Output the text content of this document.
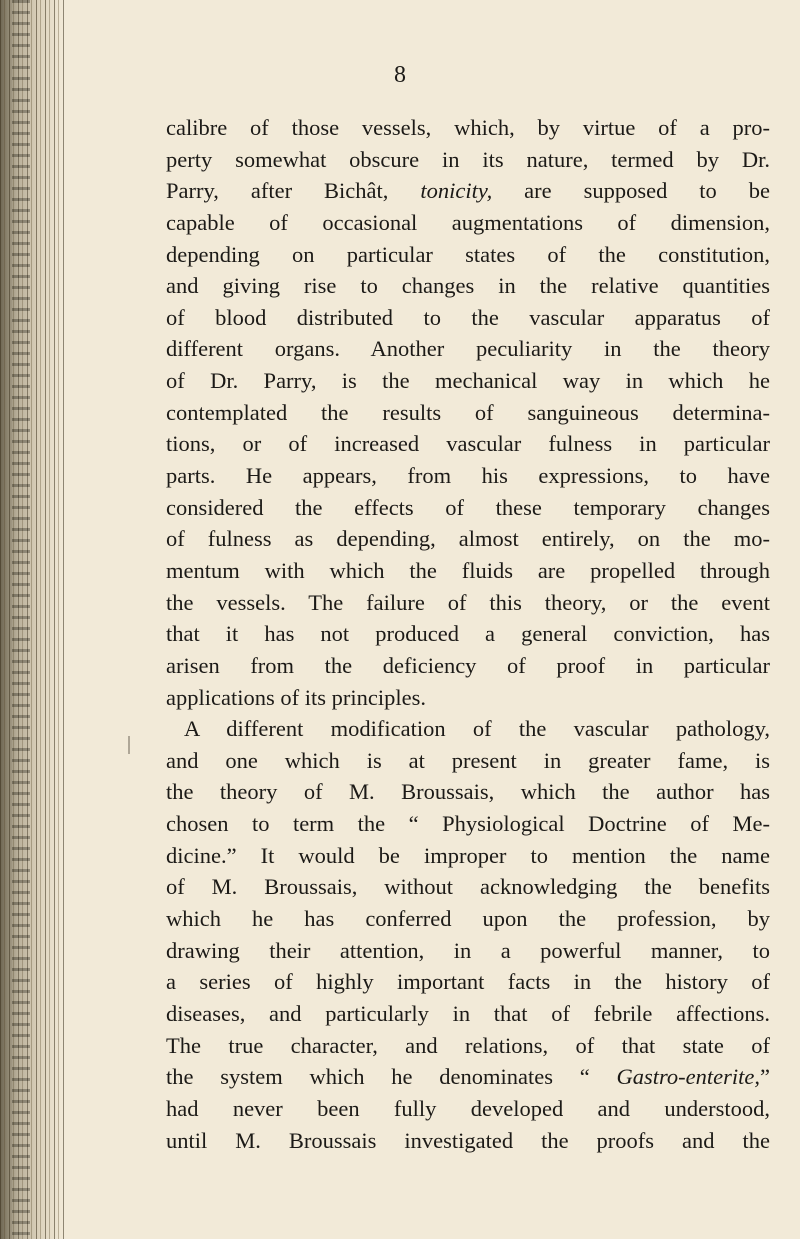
8
calibre of those vessels, which, by virtue of a pro-
perty somewhat obscure in its nature, termed by Dr.
Parry, after Bichât, tonicity, are supposed to be
capable of occasional augmentations of dimension,
depending on particular states of the constitution,
and giving rise to changes in the relative quantities
of blood distributed to the vascular apparatus of
different organs. Another peculiarity in the theory
of Dr. Parry, is the mechanical way in which he
contemplated the results of sanguineous determina-
tions, or of increased vascular fulness in particular
parts. He appears, from his expressions, to have
considered the effects of these temporary changes
of fulness as depending, almost entirely, on the mo-
mentum with which the fluids are propelled through
the vessels. The failure of this theory, or the event
that it has not produced a general conviction, has
arisen from the deficiency of proof in particular
applications of its principles.
A different modification of the vascular pathology,
and one which is at present in greater fame, is
the theory of M. Broussais, which the author has
chosen to term the “ Physiological Doctrine of Me-
dicine.” It would be improper to mention the name
of M. Broussais, without acknowledging the benefits
which he has conferred upon the profession, by
drawing their attention, in a powerful manner, to
a series of highly important facts in the history of
diseases, and particularly in that of febrile affections.
The true character, and relations, of that state of
the system which he denominates “ Gastro-enterite,”
had never been fully developed and understood,
until M. Broussais investigated the proofs and the
